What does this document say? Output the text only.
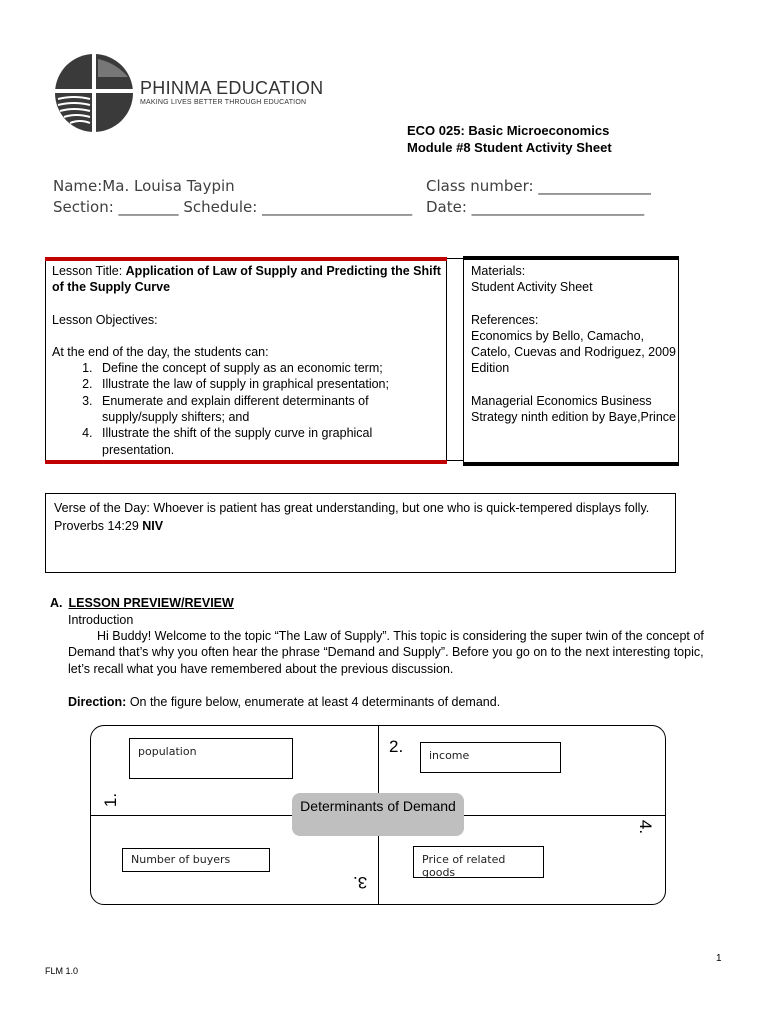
PHINMA EDUCATION
MAKING LIVES BETTER THROUGH EDUCATION
ECO 025: Basic Microeconomics
Module #8 Student Activity Sheet
Name:Ma. Louisa Taypin	Class number: _______________
Section: ________ Schedule: ____________________ Date: _______________________
Lesson Title: Application of Law of Supply and Predicting the Shift of the Supply Curve
Lesson Objectives:
At the end of the day, the students can:
1. Define the concept of supply as an economic term;
2. Illustrate the law of supply in graphical presentation;
3. Enumerate and explain different determinants of supply/supply shifters; and
4. Illustrate the shift of the supply curve in graphical presentation.
Materials:
Student Activity Sheet
References:
Economics by Bello, Camacho, Catelo, Cuevas and Rodriguez, 2009 Edition
Managerial Economics Business Strategy ninth edition by Baye,Prince
Verse of the Day: Whoever is patient has great understanding, but one who is quick-tempered displays folly. Proverbs 14:29 NIV
A. LESSON PREVIEW/REVIEW
Introduction
Hi Buddy! Welcome to the topic “The Law of Supply”. This topic is considering the super twin of the concept of Demand that’s why you often hear the phrase “Demand and Supply”. Before you go on to the next interesting topic, let’s recall what you have remembered about the previous discussion.
Direction: On the figure below, enumerate at least 4 determinants of demand.
population	income
Number of buyers	Price of related goods
1.
2.
3.
4.
Determinants of Demand
1
FLM 1.0
